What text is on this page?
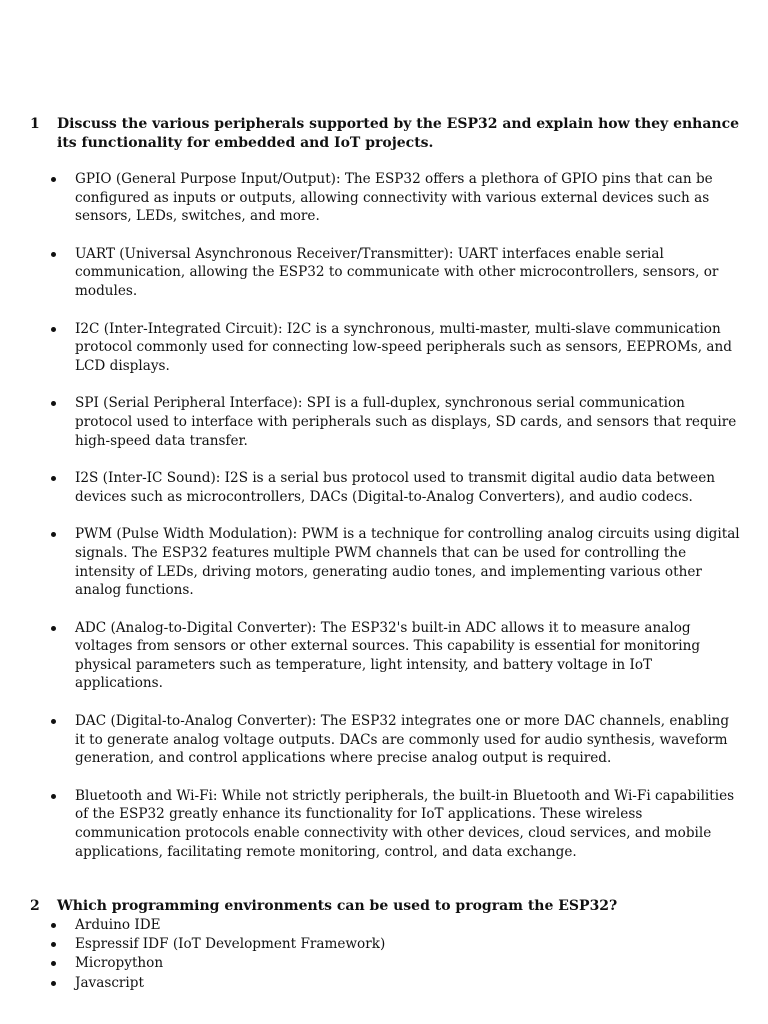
1	Discuss the various peripherals supported by the ESP32 and explain how they enhance its functionality for embedded and IoT projects.
GPIO (General Purpose Input/Output): The ESP32 offers a plethora of GPIO pins that can be configured as inputs or outputs, allowing connectivity with various external devices such as sensors, LEDs, switches, and more.
UART (Universal Asynchronous Receiver/Transmitter): UART interfaces enable serial communication, allowing the ESP32 to communicate with other microcontrollers, sensors, or modules.
I2C (Inter-Integrated Circuit): I2C is a synchronous, multi-master, multi-slave communication protocol commonly used for connecting low-speed peripherals such as sensors, EEPROMs, and LCD displays.
SPI (Serial Peripheral Interface): SPI is a full-duplex, synchronous serial communication protocol used to interface with peripherals such as displays, SD cards, and sensors that require high-speed data transfer.
I2S (Inter-IC Sound): I2S is a serial bus protocol used to transmit digital audio data between devices such as microcontrollers, DACs (Digital-to-Analog Converters), and audio codecs.
PWM (Pulse Width Modulation): PWM is a technique for controlling analog circuits using digital signals. The ESP32 features multiple PWM channels that can be used for controlling the intensity of LEDs, driving motors, generating audio tones, and implementing various other analog functions.
ADC (Analog-to-Digital Converter): The ESP32's built-in ADC allows it to measure analog voltages from sensors or other external sources. This capability is essential for monitoring physical parameters such as temperature, light intensity, and battery voltage in IoT applications.
DAC (Digital-to-Analog Converter): The ESP32 integrates one or more DAC channels, enabling it to generate analog voltage outputs. DACs are commonly used for audio synthesis, waveform generation, and control applications where precise analog output is required.
Bluetooth and Wi-Fi: While not strictly peripherals, the built-in Bluetooth and Wi-Fi capabilities of the ESP32 greatly enhance its functionality for IoT applications. These wireless communication protocols enable connectivity with other devices, cloud services, and mobile applications, facilitating remote monitoring, control, and data exchange.
2	Which programming environments can be used to program the ESP32?
Arduino IDE
Espressif IDF (IoT Development Framework)
Micropython
Javascript
